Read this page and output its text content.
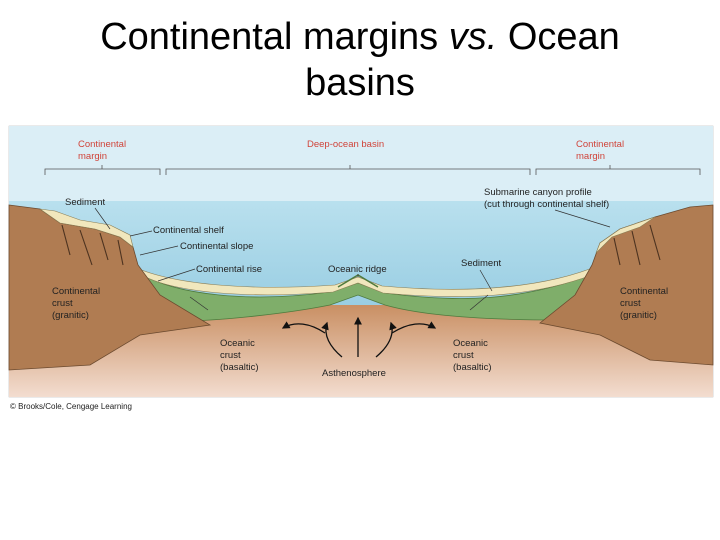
Continental margins vs. Ocean
basins
Continental
margin
Deep-ocean basin	Continental
margin
Sediment
Continental shelf
Continental slope
Continental rise	Oceanic ridge
Sediment
Submarine canyon profile
(cut through continental shelf)
Continental
crust
(granitic)
Continental
crust
(granitic)
Oceanic
crust
(basaltic)
Oceanic
crust
(basaltic)
Asthenosphere
© Brooks/Cole, Cengage Learning
